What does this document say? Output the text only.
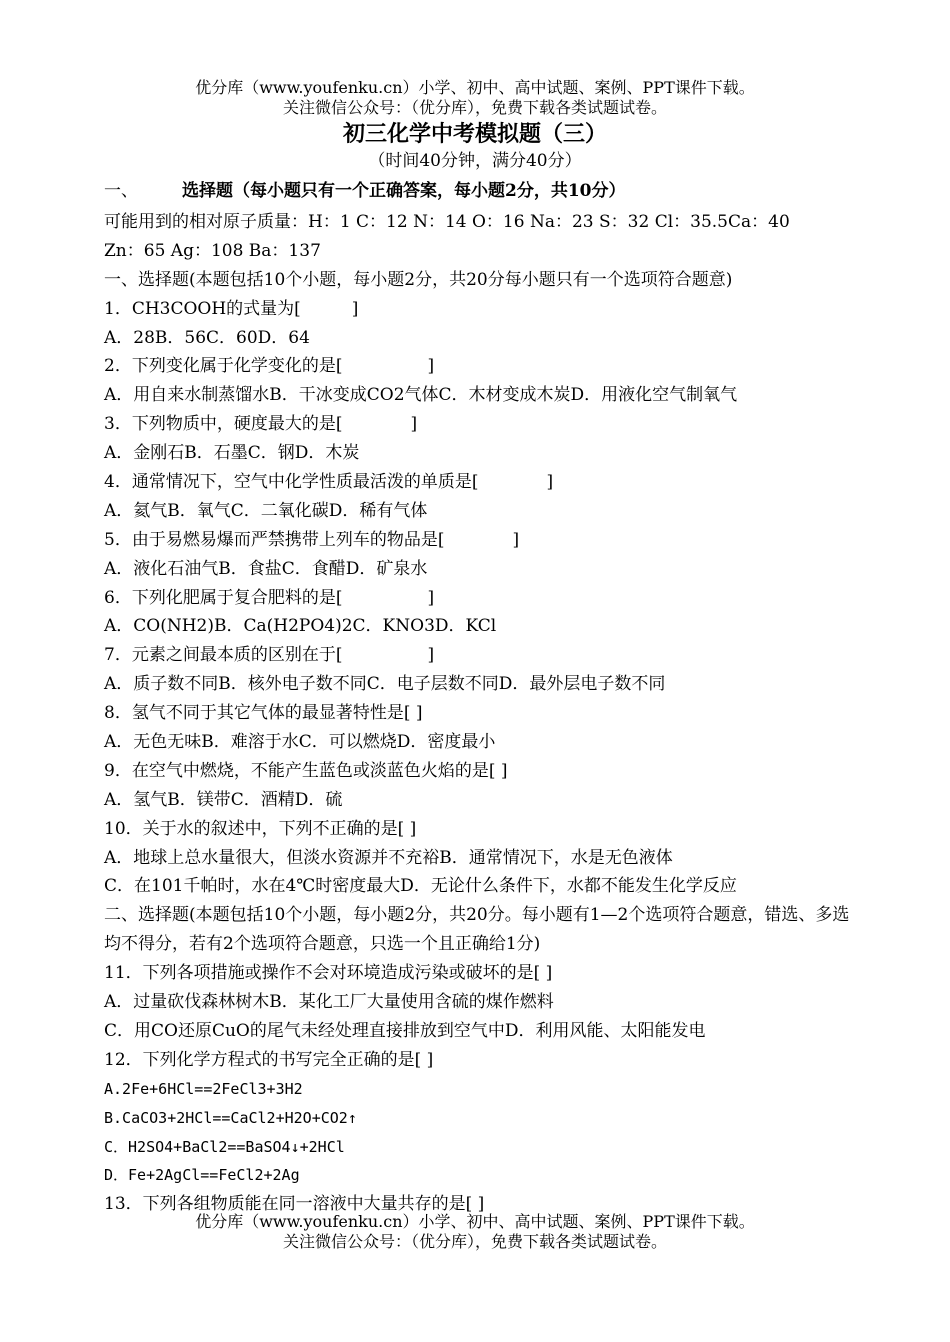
优分库（www.youfenku.cn）小学、初中、高中试题、案例、PPT课件下载。
关注微信公众号：（优分库），免费下载各类试题试卷。
初三化学中考模拟题（三）
（时间40分钟，满分40分）
一、	选择题（每小题只有一个正确答案，每小题2分，共10分）
可能用到的相对原子质量：H：1 C：12 N：14 O：16 Na：23 S：32 Cl：35.5Ca：40
Zn：65 Ag：108 Ba：137
一、选择题(本题包括10个小题，每小题2分，共20分每小题只有一个选项符合题意)
1．CH3COOH的式量为[　　　]
A．28B．56C．60D．64
2．下列变化属于化学变化的是[　　　　　]
A．用自来水制蒸馏水B．干冰变成CO2气体C．木材变成木炭D．用液化空气制氧气
3．下列物质中，硬度最大的是[　　　　]
A．金刚石B．石墨C．钢D．木炭
4．通常情况下，空气中化学性质最活泼的单质是[　　　　]
A．氦气B．氧气C．二氧化碳D．稀有气体
5．由于易燃易爆而严禁携带上列车的物品是[　　　　]
A．液化石油气B．食盐C．食醋D．矿泉水
6．下列化肥属于复合肥料的是[　　　　　]
A．CO(NH2)B．Ca(H2PO4)2C．KNO3D．KCl
7．元素之间最本质的区别在于[　　　　　]
A．质子数不同B．核外电子数不同C．电子层数不同D．最外层电子数不同
8．氢气不同于其它气体的最显著特性是[ ]
A．无色无味B．难溶于水C．可以燃烧D．密度最小
9．在空气中燃烧，不能产生蓝色或淡蓝色火焰的是[ ]
A．氢气B．镁带C．酒精D．硫
10．关于水的叙述中，下列不正确的是[ ]
A．地球上总水量很大，但淡水资源并不充裕B．通常情况下，水是无色液体
C．在101千帕时，水在4℃时密度最大D．无论什么条件下，水都不能发生化学反应
二、选择题(本题包括10个小题，每小题2分，共20分。每小题有1—2个选项符合题意，错选、多选均不得分，若有2个选项符合题意，只选一个且正确给1分)
11．下列各项措施或操作不会对环境造成污染或破坏的是[ ]
A．过量砍伐森林树木B．某化工厂大量使用含硫的煤作燃料
C．用CO还原CuO的尾气未经处理直接排放到空气中D．利用风能、太阳能发电
12．下列化学方程式的书写完全正确的是[ ]
A.2Fe+6HCl==2FeCl3+3H2
B.CaCO3+2HCl==CaCl2+H2O+CO2↑
C．H2SO4+BaCl2==BaSO4↓+2HCl
D．Fe+2AgCl==FeCl2+2Ag
13．下列各组物质能在同一溶液中大量共存的是[ ]
优分库（www.youfenku.cn）小学、初中、高中试题、案例、PPT课件下载。
关注微信公众号：（优分库），免费下载各类试题试卷。
